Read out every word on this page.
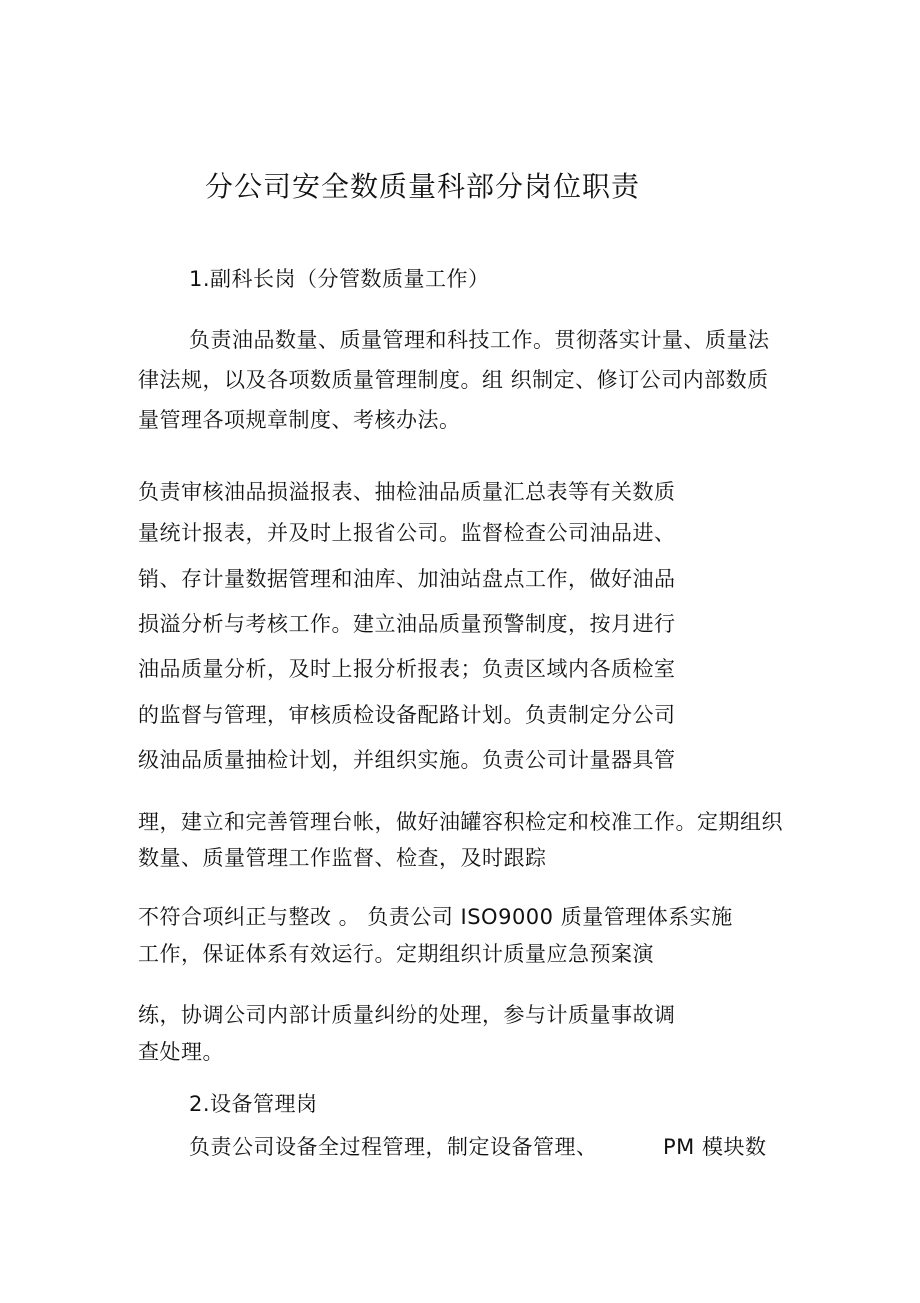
分公司安全数质量科部分岗位职责
1.副科长岗（分管数质量工作）
负责油品数量、质量管理和科技工作。贯彻落实计量、质量法
律法规，以及各项数质量管理制度。组 织制定、修订公司内部数质
量管理各项规章制度、考核办法。
负责审核油品损溢报表、抽检油品质量汇总表等有关数质
量统计报表，并及时上报省公司。监督检查公司油品进、
销、存计量数据管理和油库、加油站盘点工作，做好油品
损溢分析与考核工作。建立油品质量预警制度，按月进行
油品质量分析，及时上报分析报表；负责区域内各质检室
的监督与管理，审核质检设备配路计划。负责制定分公司
级油品质量抽检计划，并组织实施。负责公司计量器具管
理，建立和完善管理台帐，做好油罐容积检定和校准工作。定期组织
数量、质量管理工作监督、检查，及时跟踪
不符合项纠正与整改 。 负责公司 ISO9000 质量管理体系实施
工作，保证体系有效运行。定期组织计质量应急预案演
练，协调公司内部计质量纠纷的处理，参与计质量事故调
查处理。
2.设备管理岗
负责公司设备全过程管理，制定设备管理、	PM 模块数
